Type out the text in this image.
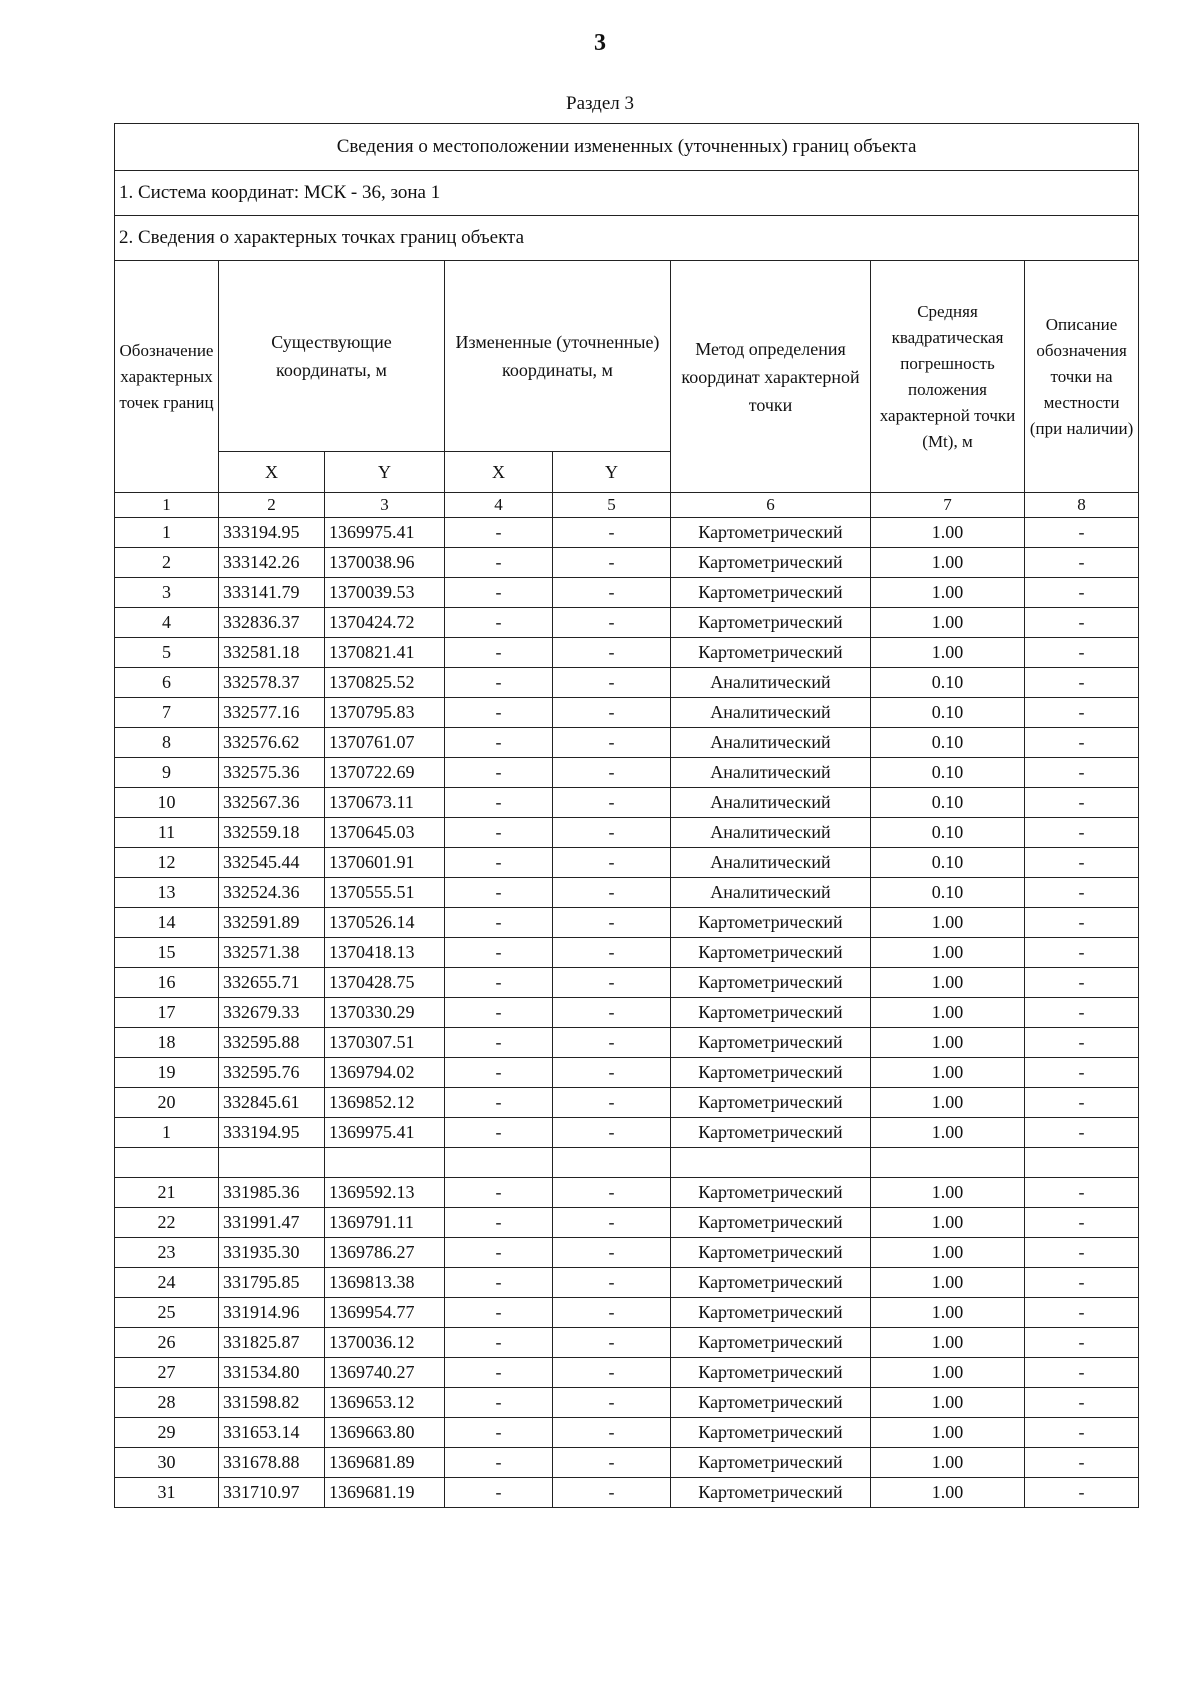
3
Раздел 3
Сведения о местоположении измененных (уточненных) границ объекта							
1. Система координат: МСК - 36, зона 1							
2. Сведения о характерных точках границ объекта							
Обозначение характерных точек границ	Существующие координаты, м		Измененные (уточненные) координаты, м		Метод определения координат характерной точки	Средняя квадратическая погрешность положения характерной точки (Mt), м	Описание обозначения точки на местности (при наличии)
	X	Y	X	Y			
1	2	3	4	5	6	7	8
1	333194.95	1369975.41	-	-	Картометрический	1.00	-
2	333142.26	1370038.96	-	-	Картометрический	1.00	-
3	333141.79	1370039.53	-	-	Картометрический	1.00	-
4	332836.37	1370424.72	-	-	Картометрический	1.00	-
5	332581.18	1370821.41	-	-	Картометрический	1.00	-
6	332578.37	1370825.52	-	-	Аналитический	0.10	-
7	332577.16	1370795.83	-	-	Аналитический	0.10	-
8	332576.62	1370761.07	-	-	Аналитический	0.10	-
9	332575.36	1370722.69	-	-	Аналитический	0.10	-
10	332567.36	1370673.11	-	-	Аналитический	0.10	-
11	332559.18	1370645.03	-	-	Аналитический	0.10	-
12	332545.44	1370601.91	-	-	Аналитический	0.10	-
13	332524.36	1370555.51	-	-	Аналитический	0.10	-
14	332591.89	1370526.14	-	-	Картометрический	1.00	-
15	332571.38	1370418.13	-	-	Картометрический	1.00	-
16	332655.71	1370428.75	-	-	Картометрический	1.00	-
17	332679.33	1370330.29	-	-	Картометрический	1.00	-
18	332595.88	1370307.51	-	-	Картометрический	1.00	-
19	332595.76	1369794.02	-	-	Картометрический	1.00	-
20	332845.61	1369852.12	-	-	Картометрический	1.00	-
1	333194.95	1369975.41	-	-	Картометрический	1.00	-

21	331985.36	1369592.13	-	-	Картометрический	1.00	-
22	331991.47	1369791.11	-	-	Картометрический	1.00	-
23	331935.30	1369786.27	-	-	Картометрический	1.00	-
24	331795.85	1369813.38	-	-	Картометрический	1.00	-
25	331914.96	1369954.77	-	-	Картометрический	1.00	-
26	331825.87	1370036.12	-	-	Картометрический	1.00	-
27	331534.80	1369740.27	-	-	Картометрический	1.00	-
28	331598.82	1369653.12	-	-	Картометрический	1.00	-
29	331653.14	1369663.80	-	-	Картометрический	1.00	-
30	331678.88	1369681.89	-	-	Картометрический	1.00	-
31	331710.97	1369681.19	-	-	Картометрический	1.00	-
